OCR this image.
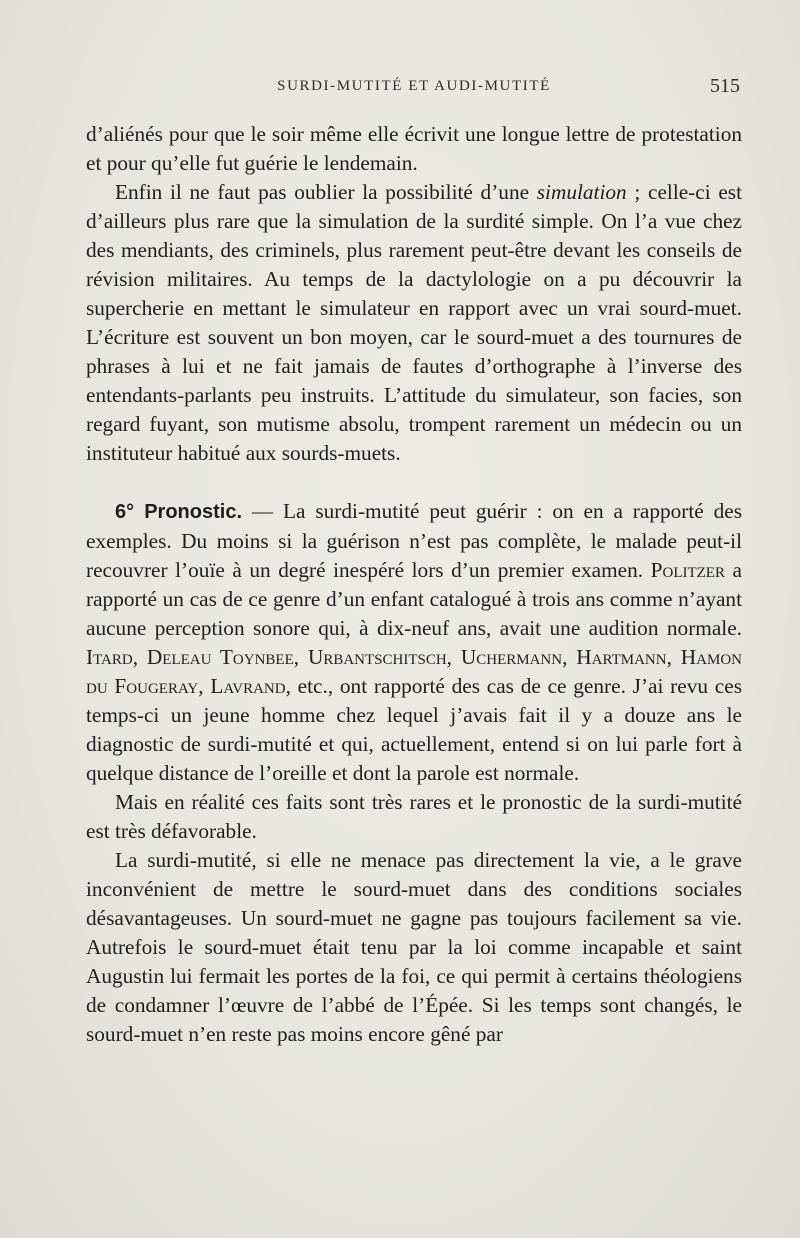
SURDI-MUTITÉ ET AUDI-MUTITÉ	515

d’aliénés pour que le soir même elle écrivit une longue lettre de protestation et pour qu’elle fut guérie le lendemain.

Enfin il ne faut pas oublier la possibilité d’une simulation ; celle-ci est d’ailleurs plus rare que la simulation de la surdité simple. On l’a vue chez des mendiants, des criminels, plus rarement peut-être devant les conseils de révision militaires. Au temps de la dactylologie on a pu découvrir la supercherie en mettant le simulateur en rapport avec un vrai sourd-muet. L’écriture est souvent un bon moyen, car le sourd-muet a des tournures de phrases à lui et ne fait jamais de fautes d’orthographe à l’inverse des entendants-parlants peu instruits. L’attitude du simulateur, son facies, son regard fuyant, son mutisme absolu, trompent rarement un médecin ou un instituteur habitué aux sourds-muets.

6° Pronostic. — La surdi-mutité peut guérir : on en a rapporté des exemples. Du moins si la guérison n’est pas complète, le malade peut-il recouvrer l’ouïe à un degré inespéré lors d’un premier examen. Politzer a rapporté un cas de ce genre d’un enfant catalogué à trois ans comme n’ayant aucune perception sonore qui, à dix-neuf ans, avait une audition normale. Itard, Deleau Toynbee, Urbantschitsch, Uchermann, Hartmann, Hamon du Fougeray, Lavrand, etc., ont rapporté des cas de ce genre. J’ai revu ces temps-ci un jeune homme chez lequel j’avais fait il y a douze ans le diagnostic de surdi-mutité et qui, actuellement, entend si on lui parle fort à quelque distance de l’oreille et dont la parole est normale.

Mais en réalité ces faits sont très rares et le pronostic de la surdi-mutité est très défavorable.

La surdi-mutité, si elle ne menace pas directement la vie, a le grave inconvénient de mettre le sourd-muet dans des conditions sociales désavantageuses. Un sourd-muet ne gagne pas toujours facilement sa vie. Autrefois le sourd-muet était tenu par la loi comme incapable et saint Augustin lui fermait les portes de la foi, ce qui permit à certains théologiens de condamner l’œuvre de l’abbé de l’Épée. Si les temps sont changés, le sourd-muet n’en reste pas moins encore gêné par
